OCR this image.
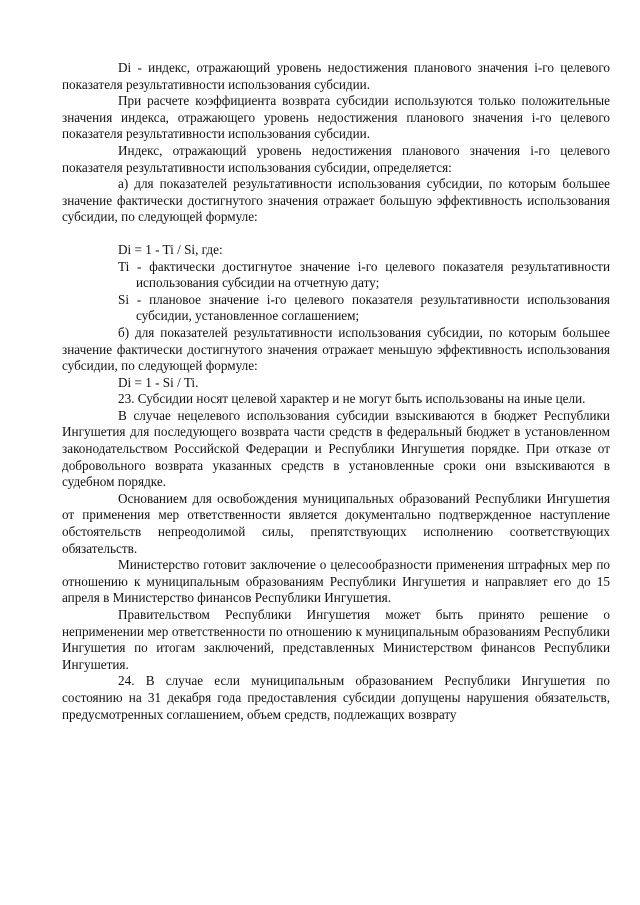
Di - индекс, отражающий уровень недостижения планового значения i-го целевого показателя результативности использования субсидии.

При расчете коэффициента возврата субсидии используются только положительные значения индекса, отражающего уровень недостижения планового значения i-го целевого показателя результативности использования субсидии.

Индекс, отражающий уровень недостижения планового значения i-го целевого показателя результативности использования субсидии, определяется:

а) для показателей результативности использования субсидии, по которым большее значение фактически достигнутого значения отражает большую эффективность использования субсидии, по следующей формуле:

Di = 1 - Ti / Si, где:

Ti - фактически достигнутое значение i-го целевого показателя результативности использования субсидии на отчетную дату;

Si - плановое значение i-го целевого показателя результативности использования субсидии, установленное соглашением;

б) для показателей результативности использования субсидии, по которым большее значение фактически достигнутого значения отражает меньшую эффективность использования субсидии, по следующей формуле:

Di = 1 - Si / Ti.

23. Субсидии носят целевой характер и не могут быть использованы на иные цели.

В случае нецелевого использования субсидии взыскиваются в бюджет Республики Ингушетия для последующего возврата части средств в федеральный бюджет в установленном законодательством Российской Федерации и Республики Ингушетия порядке. При отказе от добровольного возврата указанных средств в установленные сроки они взыскиваются в судебном порядке.

Основанием для освобождения муниципальных образований Республики Ингушетия от применения мер ответственности является документально подтвержденное наступление обстоятельств непреодолимой силы, препятствующих исполнению соответствующих обязательств.

Министерство готовит заключение о целесообразности применения штрафных мер по отношению к муниципальным образованиям Республики Ингушетия и направляет его до 15 апреля в Министерство финансов Республики Ингушетия.

Правительством Республики Ингушетия может быть принято решение о неприменении мер ответственности по отношению к муниципальным образованиям Республики Ингушетия по итогам заключений, представленных Министерством финансов Республики Ингушетия.

24. В случае если муниципальным образованием Республики Ингушетия по состоянию на 31 декабря года предоставления субсидии допущены нарушения обязательств, предусмотренных соглашением, объем средств, подлежащих возврату
